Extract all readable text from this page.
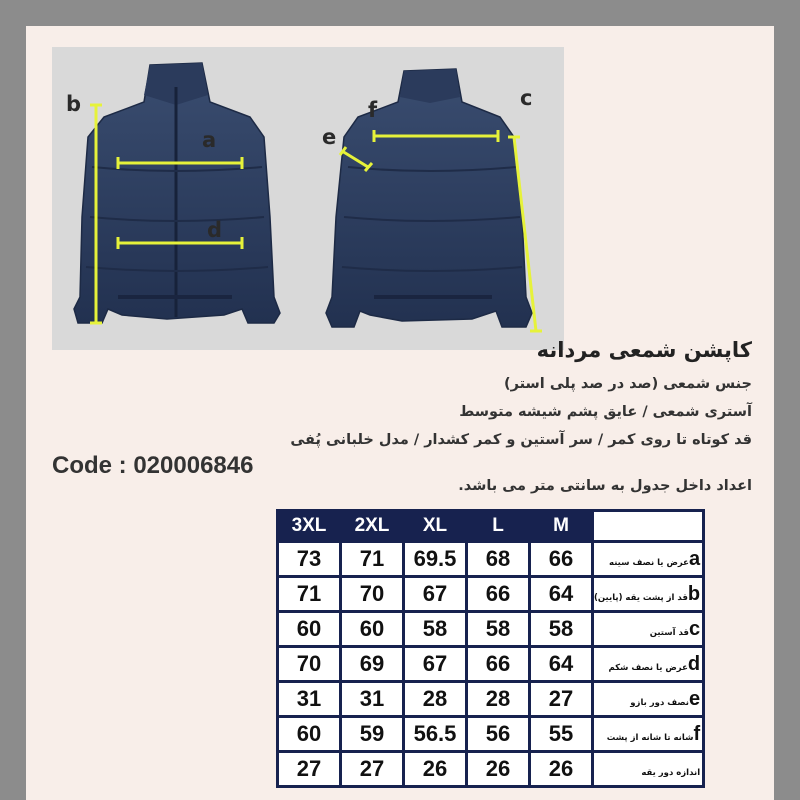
b
a
d
f
e
c
کاپشن شمعی مردانه
جنس شمعی (صد در صد پلی استر)
آستری شمعی / عایق پشم شیشه متوسط
قد کوتاه تا روی کمر / سر آستین و کمر کشدار / مدل خلبانی پُفی
Code : 020006846
اعداد داخل جدول به سانتی متر می باشد.
3XL	2XL	XL	L	M	
73	71	69.5	68	66	aعرض یا نصف سینه
71	70	67	66	64	bقد از پشت یقه (پایین)
60	60	58	58	58	cقد آستین
70	69	67	66	64	dعرض یا نصف شکم
31	31	28	28	27	eنصف دور بازو
60	59	56.5	56	55	fشانه تا شانه از پشت
27	27	26	26	26	اندازه دور یقه
